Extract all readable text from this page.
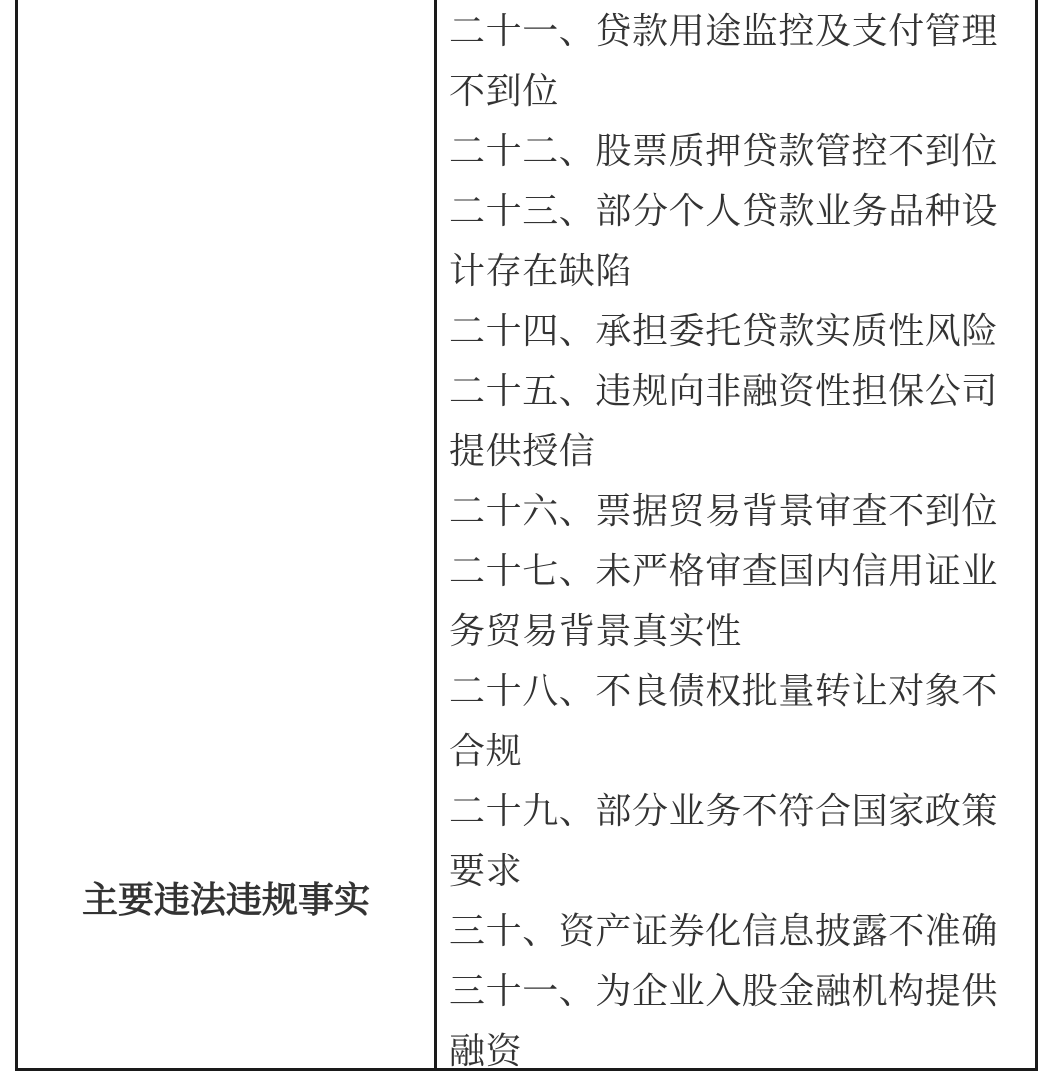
主要违法违规事实
二十一、贷款用途监控及支付管理不到位
二十二、股票质押贷款管控不到位
二十三、部分个人贷款业务品种设计存在缺陷
二十四、承担委托贷款实质性风险
二十五、违规向非融资性担保公司提供授信
二十六、票据贸易背景审查不到位
二十七、未严格审查国内信用证业务贸易背景真实性
二十八、不良债权批量转让对象不合规
二十九、部分业务不符合国家政策要求
三十、资产证券化信息披露不准确
三十一、为企业入股金融机构提供融资
